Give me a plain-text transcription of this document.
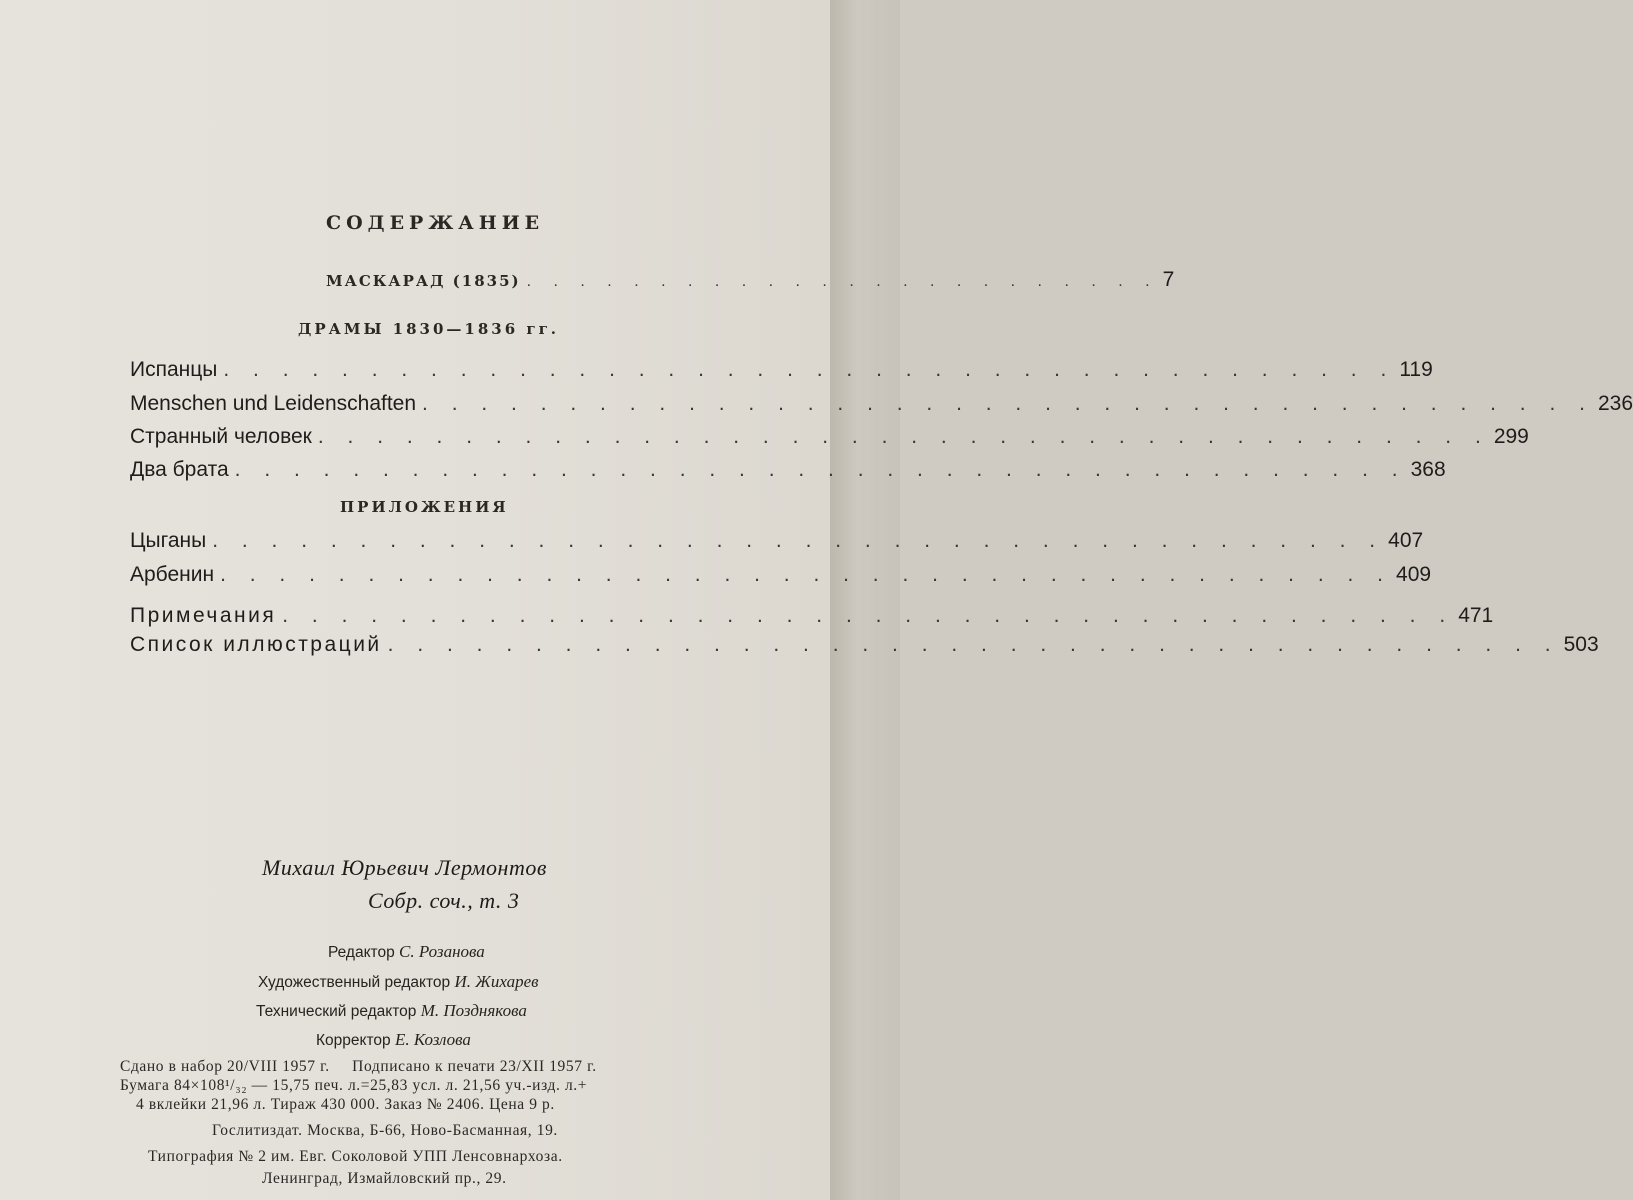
СОДЕРЖАНИЕ
МАСКАРАД (1835) . . . . . . . . . . . . . . . . . . . . . . . . 7
ДРАМЫ 1830—1836 гг.
Испанцы . . . . . . . . . . . . . . . . . . . . . . . . . . . . . . . . . . . . . . . . 119
Menschen und Leidenschaften . . . . . . . . . . . . . . . . . . . . . . . . . . . . . . . . . . . . . . . . 236
Странный человек . . . . . . . . . . . . . . . . . . . . . . . . . . . . . . . . . . . . . . . . 299
Два брата . . . . . . . . . . . . . . . . . . . . . . . . . . . . . . . . . . . . . . . . 368
ПРИЛОЖЕНИЯ
Цыганы . . . . . . . . . . . . . . . . . . . . . . . . . . . . . . . . . . . . . . . . 407
Арбенин . . . . . . . . . . . . . . . . . . . . . . . . . . . . . . . . . . . . . . . . 409
Примечания . . . . . . . . . . . . . . . . . . . . . . . . . . . . . . . . . . . . . . . . 471
Список иллюстраций . . . . . . . . . . . . . . . . . . . . . . . . . . . . . . . . . . . . . . . . 503
Михаил Юрьевич Лермонтов
Собр. соч., т. 3
Редактор С. Розанова
Художественный редактор И. Жихарев
Технический редактор М. Позднякова
Корректор Е. Козлова
Сдано в набор 20/VIII 1957 г.     Подписано к печати 23/XII 1957 г.
Бумага 84×108¹/₃₂ — 15,75 печ. л.=25,83 усл. л. 21,56 уч.-изд. л.+
4 вклейки 21,96 л. Тираж 430 000. Заказ № 2406. Цена 9 р.
Гослитиздат. Москва, Б-66, Ново-Басманная, 19.
Типография № 2 им. Евг. Соколовой УПП Ленсовнархоза.
Ленинград, Измайловский пр., 29.
